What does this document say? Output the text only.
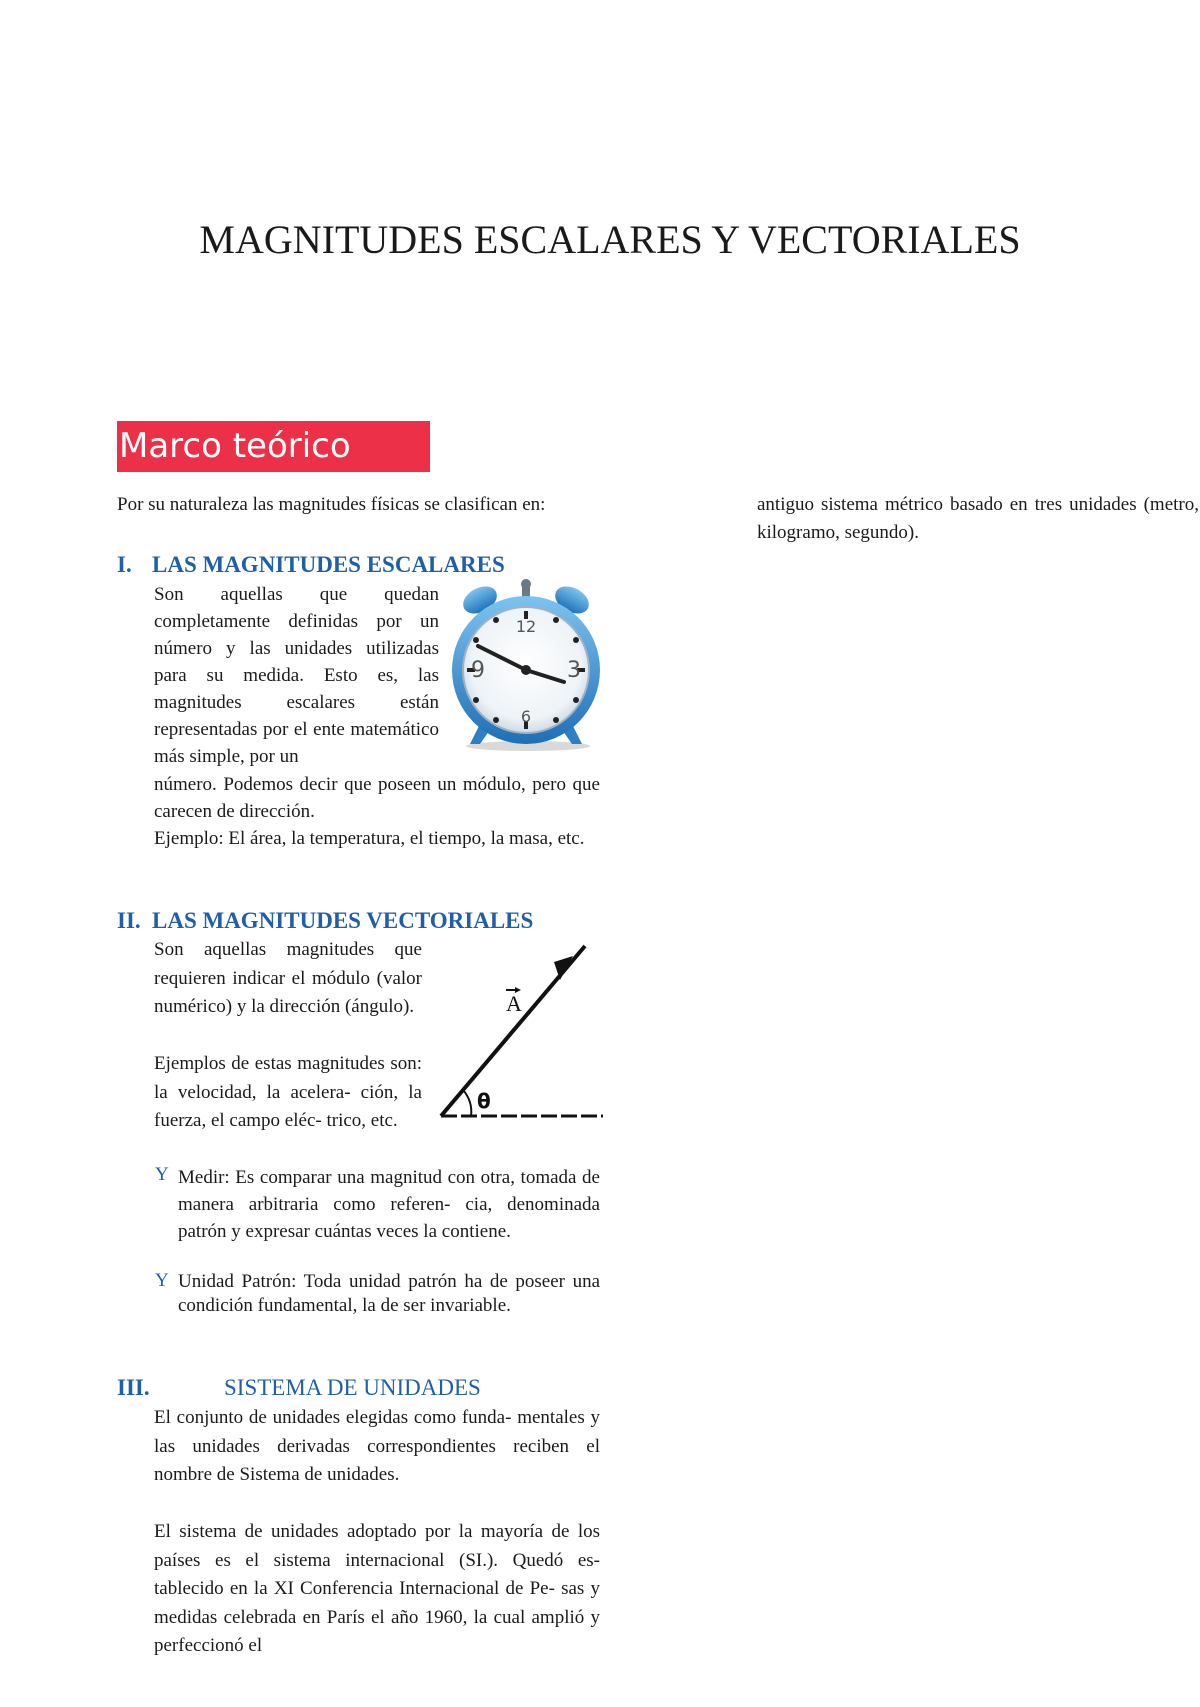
MAGNITUDES ESCALARES Y VECTORIALES
Marco teórico
Por su naturaleza las magnitudes físicas se clasifican en:
I. LAS MAGNITUDES ESCALARES
Son aquellas que quedan completamente definidas por un número y las unidades utilizadas para su medida. Esto es, las magnitudes escalares están representadas por el ente matemático más simple, por un
número. Podemos decir que poseen un módulo, pero que carecen de dirección.
Ejemplo: El área, la temperatura, el tiempo, la masa, etc.
12
3
6
9
II. LAS MAGNITUDES VECTORIALES
Son aquellas magnitudes que requieren indicar el módulo (valor numérico) y la dirección (ángulo).
Ejemplos de estas magnitudes son: la velocidad, la acelera- ción, la fuerza, el campo eléc- trico, etc.
A
θ
Y Medir: Es comparar una magnitud con otra, tomada de manera arbitraria como referen- cia, denominada patrón y expresar cuántas veces la contiene.
Y Unidad Patrón: Toda unidad patrón ha de poseer una condición fundamental, la de ser invariable.
III.	SISTEMA DE UNIDADES
El conjunto de unidades elegidas como funda- mentales y las unidades derivadas correspondientes reciben el nombre de Sistema de unidades.
El sistema de unidades adoptado por la mayoría de los países es el sistema internacional (SI.). Quedó es- tablecido en la XI Conferencia Internacional de Pe- sas y medidas celebrada en París el año 1960, la cual amplió y perfeccionó el
antiguo sistema métrico basado en tres unidades (metro, kilogramo, segundo).
